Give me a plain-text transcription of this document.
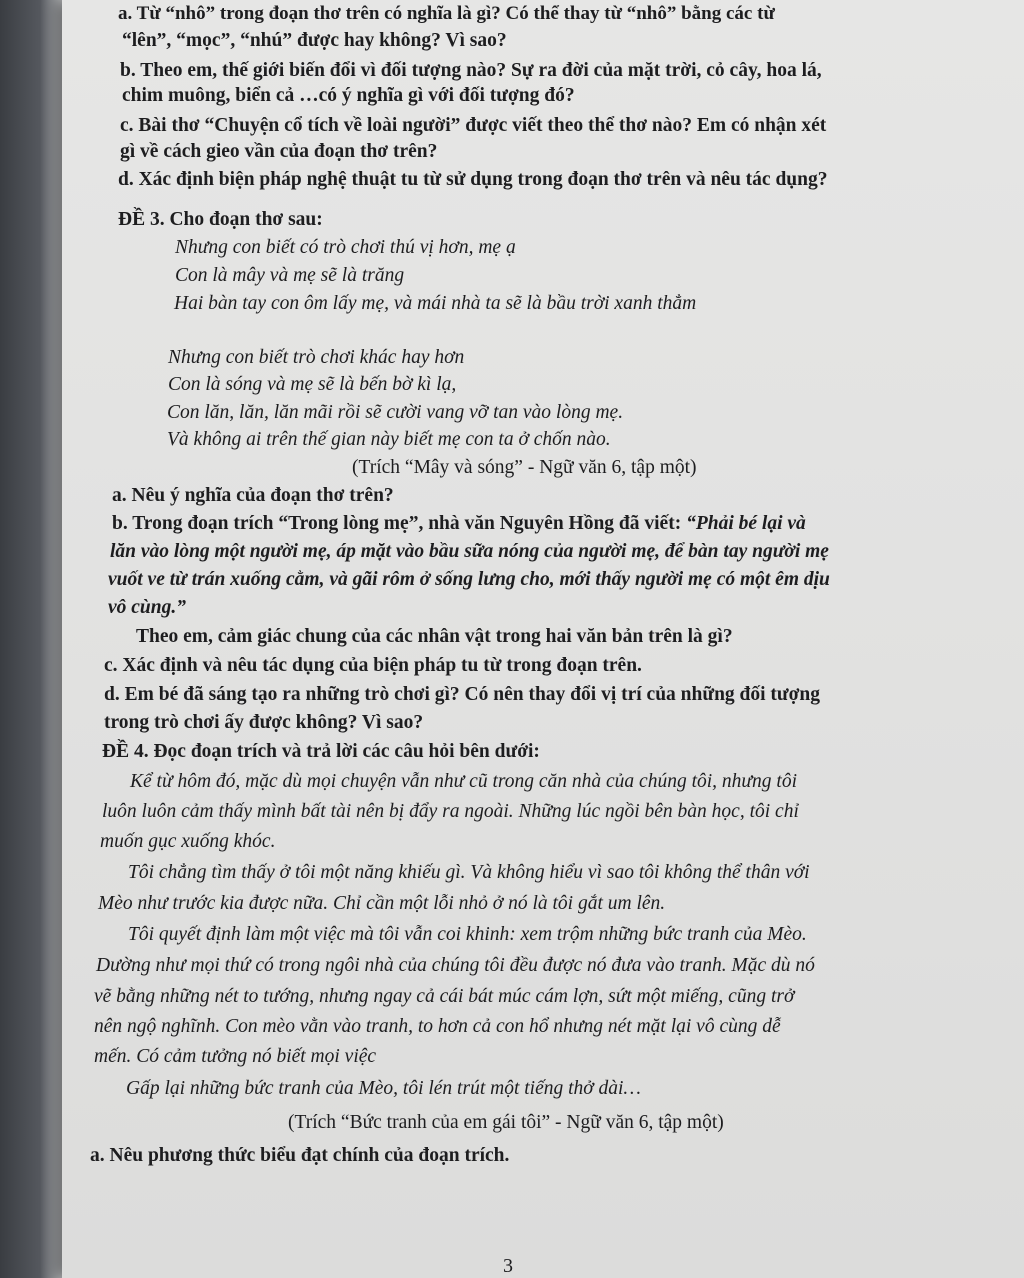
a. Từ “nhô” trong đoạn thơ trên có nghĩa là gì? Có thể thay từ “nhô” bằng các từ
“lên”, “mọc”, “nhú” được hay không? Vì sao?
b. Theo em, thế giới biến đổi vì đối tượng nào? Sự ra đời của mặt trời, cỏ cây, hoa lá,
chim muông, biển cả …có ý nghĩa gì với đối tượng đó?
c. Bài thơ “Chuyện cổ tích về loài người” được viết theo thể thơ nào? Em có nhận xét
gì về cách gieo vần của đoạn thơ trên?
d. Xác định biện pháp nghệ thuật tu từ sử dụng trong đoạn thơ trên và nêu tác dụng?
ĐỀ 3. Cho đoạn thơ sau:
Nhưng con biết có trò chơi thú vị hơn, mẹ ạ
Con là mây và mẹ sẽ là trăng
Hai bàn tay con ôm lấy mẹ, và mái nhà ta sẽ là bầu trời xanh thẳm
Nhưng con biết trò chơi khác hay hơn
Con là sóng và mẹ sẽ là bến bờ kì lạ,
Con lăn, lăn, lăn mãi rồi sẽ cười vang vỡ tan vào lòng mẹ.
Và không ai trên thế gian này biết mẹ con ta ở chốn nào.
(Trích “Mây và sóng” - Ngữ văn 6, tập một)
a. Nêu ý nghĩa của đoạn thơ trên?
b. Trong đoạn trích “Trong lòng mẹ”, nhà văn Nguyên Hồng đã viết: “Phải bé lại và
lăn vào lòng một người mẹ, áp mặt vào bầu sữa nóng của người mẹ, để bàn tay người mẹ
vuốt ve từ trán xuống cằm, và gãi rôm ở sống lưng cho, mới thấy người mẹ có một êm dịu
vô cùng.”
Theo em, cảm giác chung của các nhân vật trong hai văn bản trên là gì?
c. Xác định và nêu tác dụng của biện pháp tu từ trong đoạn trên.
d. Em bé đã sáng tạo ra những trò chơi gì? Có nên thay đổi vị trí của những đối tượng
trong trò chơi ấy được không? Vì sao?
ĐỀ 4. Đọc đoạn trích và trả lời các câu hỏi bên dưới:
Kể từ hôm đó, mặc dù mọi chuyện vẫn như cũ trong căn nhà của chúng tôi, nhưng tôi
luôn luôn cảm thấy mình bất tài nên bị đẩy ra ngoài. Những lúc ngồi bên bàn học, tôi chỉ
muốn gục xuống khóc.
Tôi chẳng tìm thấy ở tôi một năng khiếu gì. Và không hiểu vì sao tôi không thể thân với
Mèo như trước kia được nữa. Chỉ cần một lỗi nhỏ ở nó là tôi gắt um lên.
Tôi quyết định làm một việc mà tôi vẫn coi khinh: xem trộm những bức tranh của Mèo.
Dường như mọi thứ có trong ngôi nhà của chúng tôi đều được nó đưa vào tranh. Mặc dù nó
vẽ bằng những nét to tướng, nhưng ngay cả cái bát múc cám lợn, sứt một miếng, cũng trở
nên ngộ nghĩnh. Con mèo vằn vào tranh, to hơn cả con hổ nhưng nét mặt lại vô cùng dễ
mến. Có cảm tưởng nó biết mọi việc
Gấp lại những bức tranh của Mèo, tôi lén trút một tiếng thở dài…
(Trích “Bức tranh của em gái tôi” - Ngữ văn 6, tập một)
a. Nêu phương thức biểu đạt chính của đoạn trích.
3
